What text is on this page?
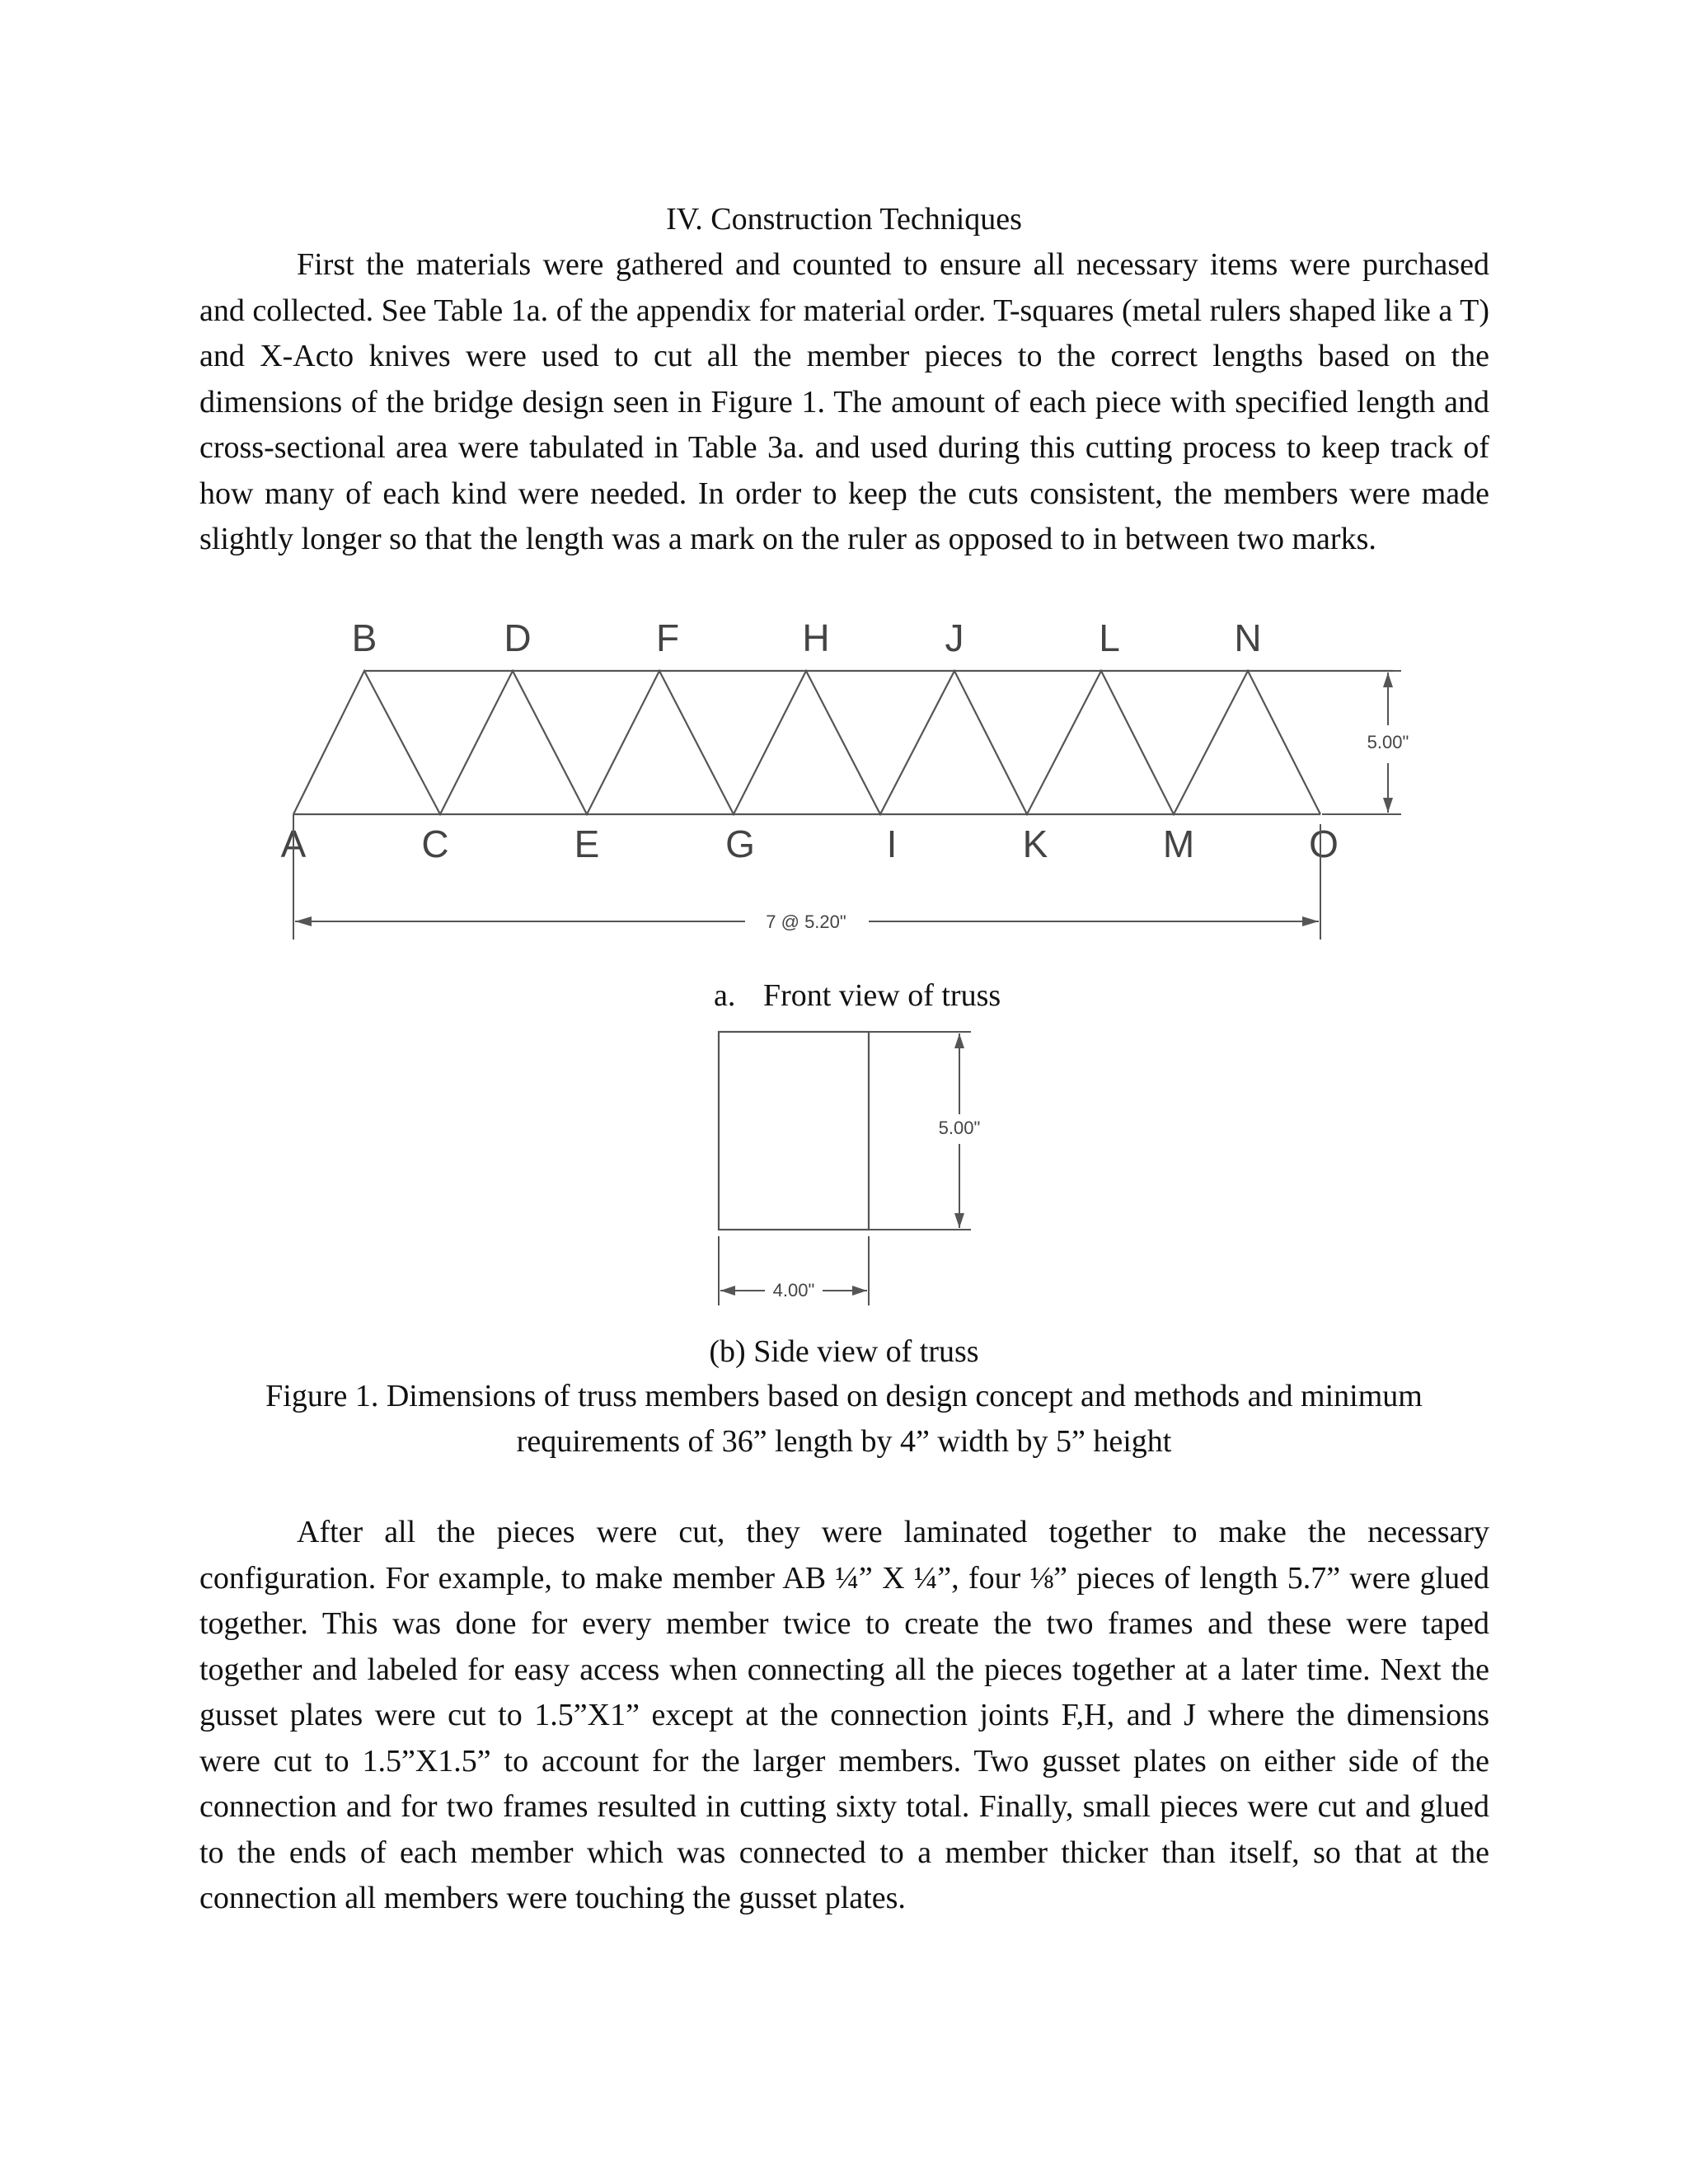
IV. Construction Techniques

First the materials were gathered and counted to ensure all necessary items were purchased and collected. See Table 1a. of the appendix for material order. T-squares (metal rulers shaped like a T) and X-Acto knives were used to cut all the member pieces to the correct lengths based on the dimensions of the bridge design seen in Figure 1. The amount of each piece with specified length and cross-sectional area were tabulated in Table 3a. and used during this cutting process to keep track of how many of each kind were needed. In order to keep the cuts consistent, the members were made slightly longer so that the length was a mark on the ruler as opposed to in between two marks.

B	D	F	H	J	L	N
A	C	E	G	I	K	M	O
5.00"
7 @ 5.20"
5.00"
4.00"
a. Front view of truss
(b) Side view of truss
Figure 1. Dimensions of truss members based on design concept and methods and minimum requirements of 36” length by 4” width by 5” height

After all the pieces were cut, they were laminated together to make the necessary configuration. For example, to make member AB ¼” X ¼”, four ⅛” pieces of length 5.7” were glued together. This was done for every member twice to create the two frames and these were taped together and labeled for easy access when connecting all the pieces together at a later time. Next the gusset plates were cut to 1.5”X1” except at the connection joints F,H, and J where the dimensions were cut to 1.5”X1.5” to account for the larger members. Two gusset plates on either side of the connection and for two frames resulted in cutting sixty total. Finally, small pieces were cut and glued to the ends of each member which was connected to a member thicker than itself, so that at the connection all members were touching the gusset plates.
